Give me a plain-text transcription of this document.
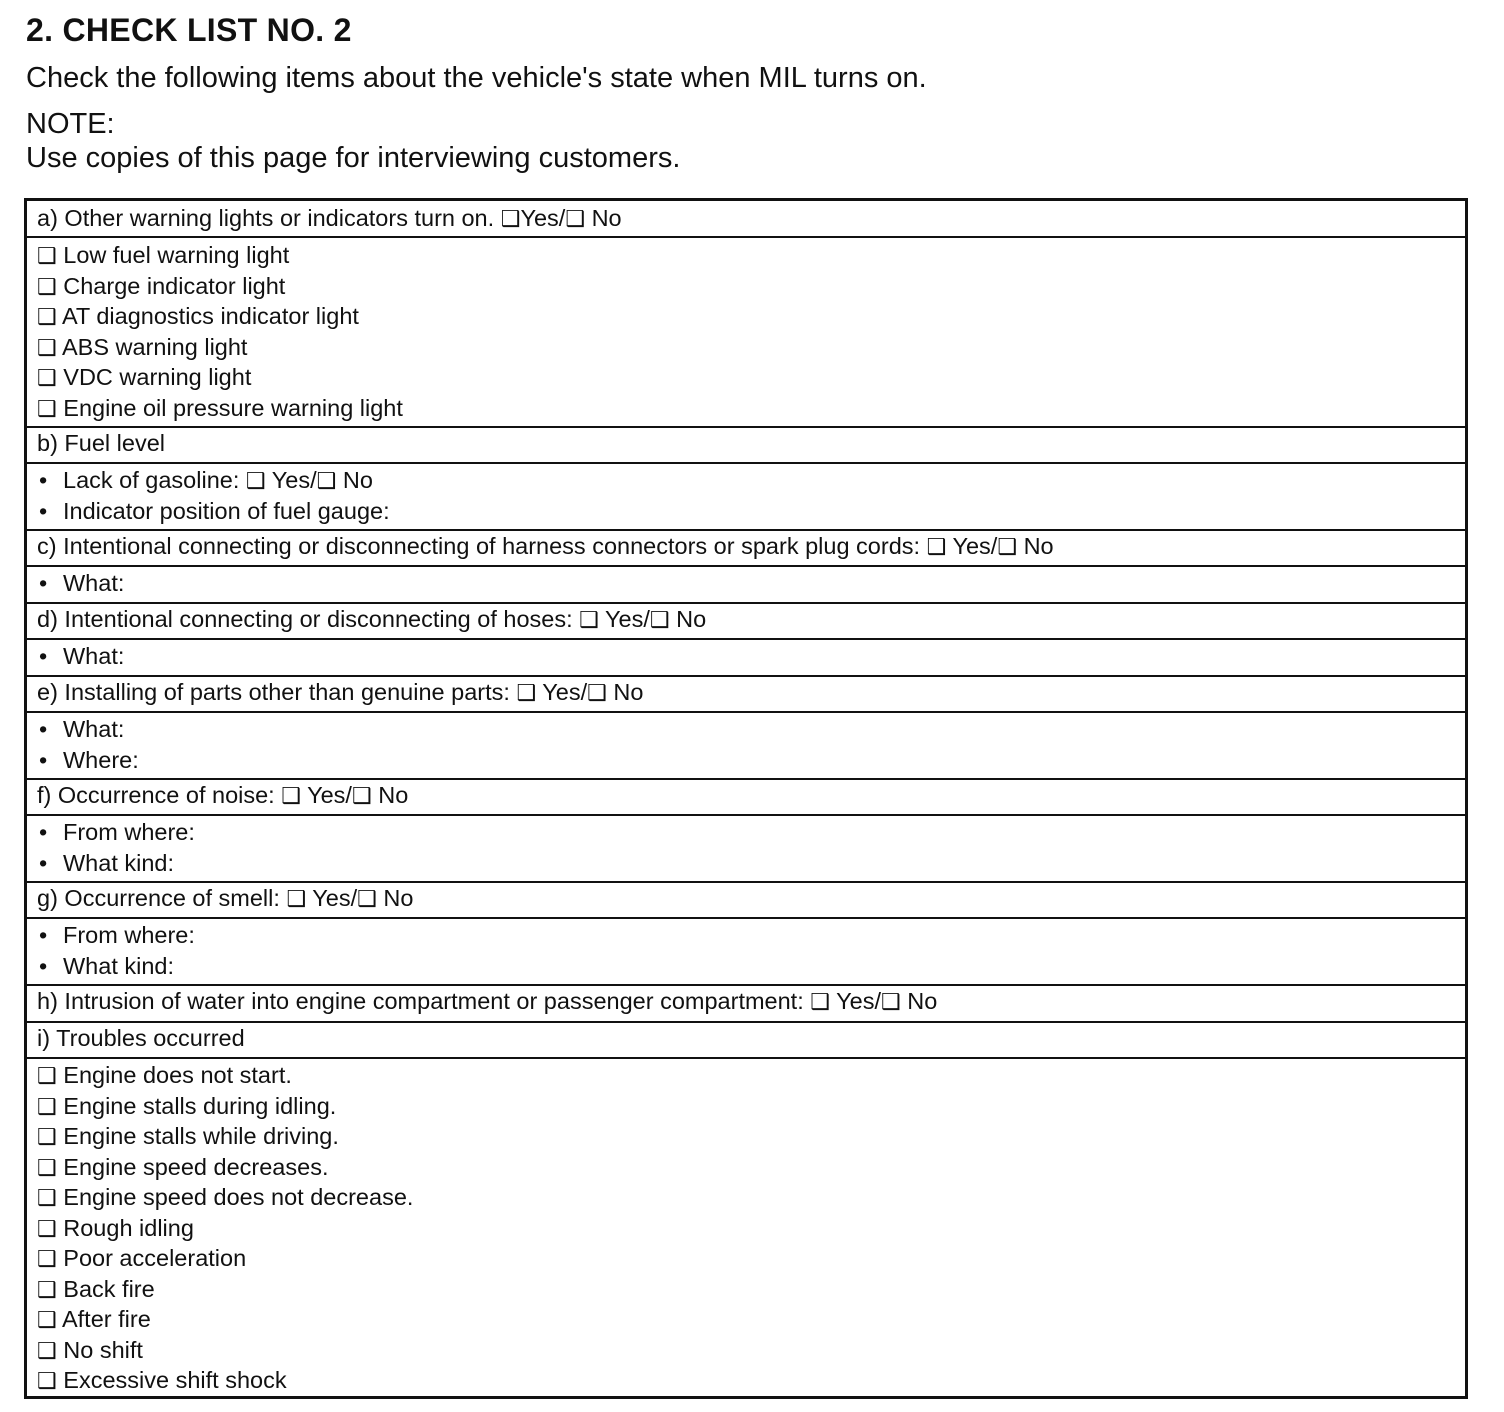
2. CHECK LIST NO. 2
Check the following items about the vehicle's state when MIL turns on.
NOTE:
Use copies of this page for interviewing customers.
a) Other warning lights or indicators turn on. ❑Yes/❑ No
❑ Low fuel warning light
❑ Charge indicator light
❑ AT diagnostics indicator light
❑ ABS warning light
❑ VDC warning light
❑ Engine oil pressure warning light
b) Fuel level
• Lack of gasoline: ❑ Yes/❑ No
• Indicator position of fuel gauge:
c) Intentional connecting or disconnecting of harness connectors or spark plug cords: ❑ Yes/❑ No
• What:
d) Intentional connecting or disconnecting of hoses: ❑ Yes/❑ No
• What:
e) Installing of parts other than genuine parts: ❑ Yes/❑ No
• What:
• Where:
f) Occurrence of noise: ❑ Yes/❑ No
• From where:
• What kind:
g) Occurrence of smell: ❑ Yes/❑ No
• From where:
• What kind:
h) Intrusion of water into engine compartment or passenger compartment: ❑ Yes/❑ No
i) Troubles occurred
❑ Engine does not start.
❑ Engine stalls during idling.
❑ Engine stalls while driving.
❑ Engine speed decreases.
❑ Engine speed does not decrease.
❑ Rough idling
❑ Poor acceleration
❑ Back fire
❑ After fire
❑ No shift
❑ Excessive shift shock
